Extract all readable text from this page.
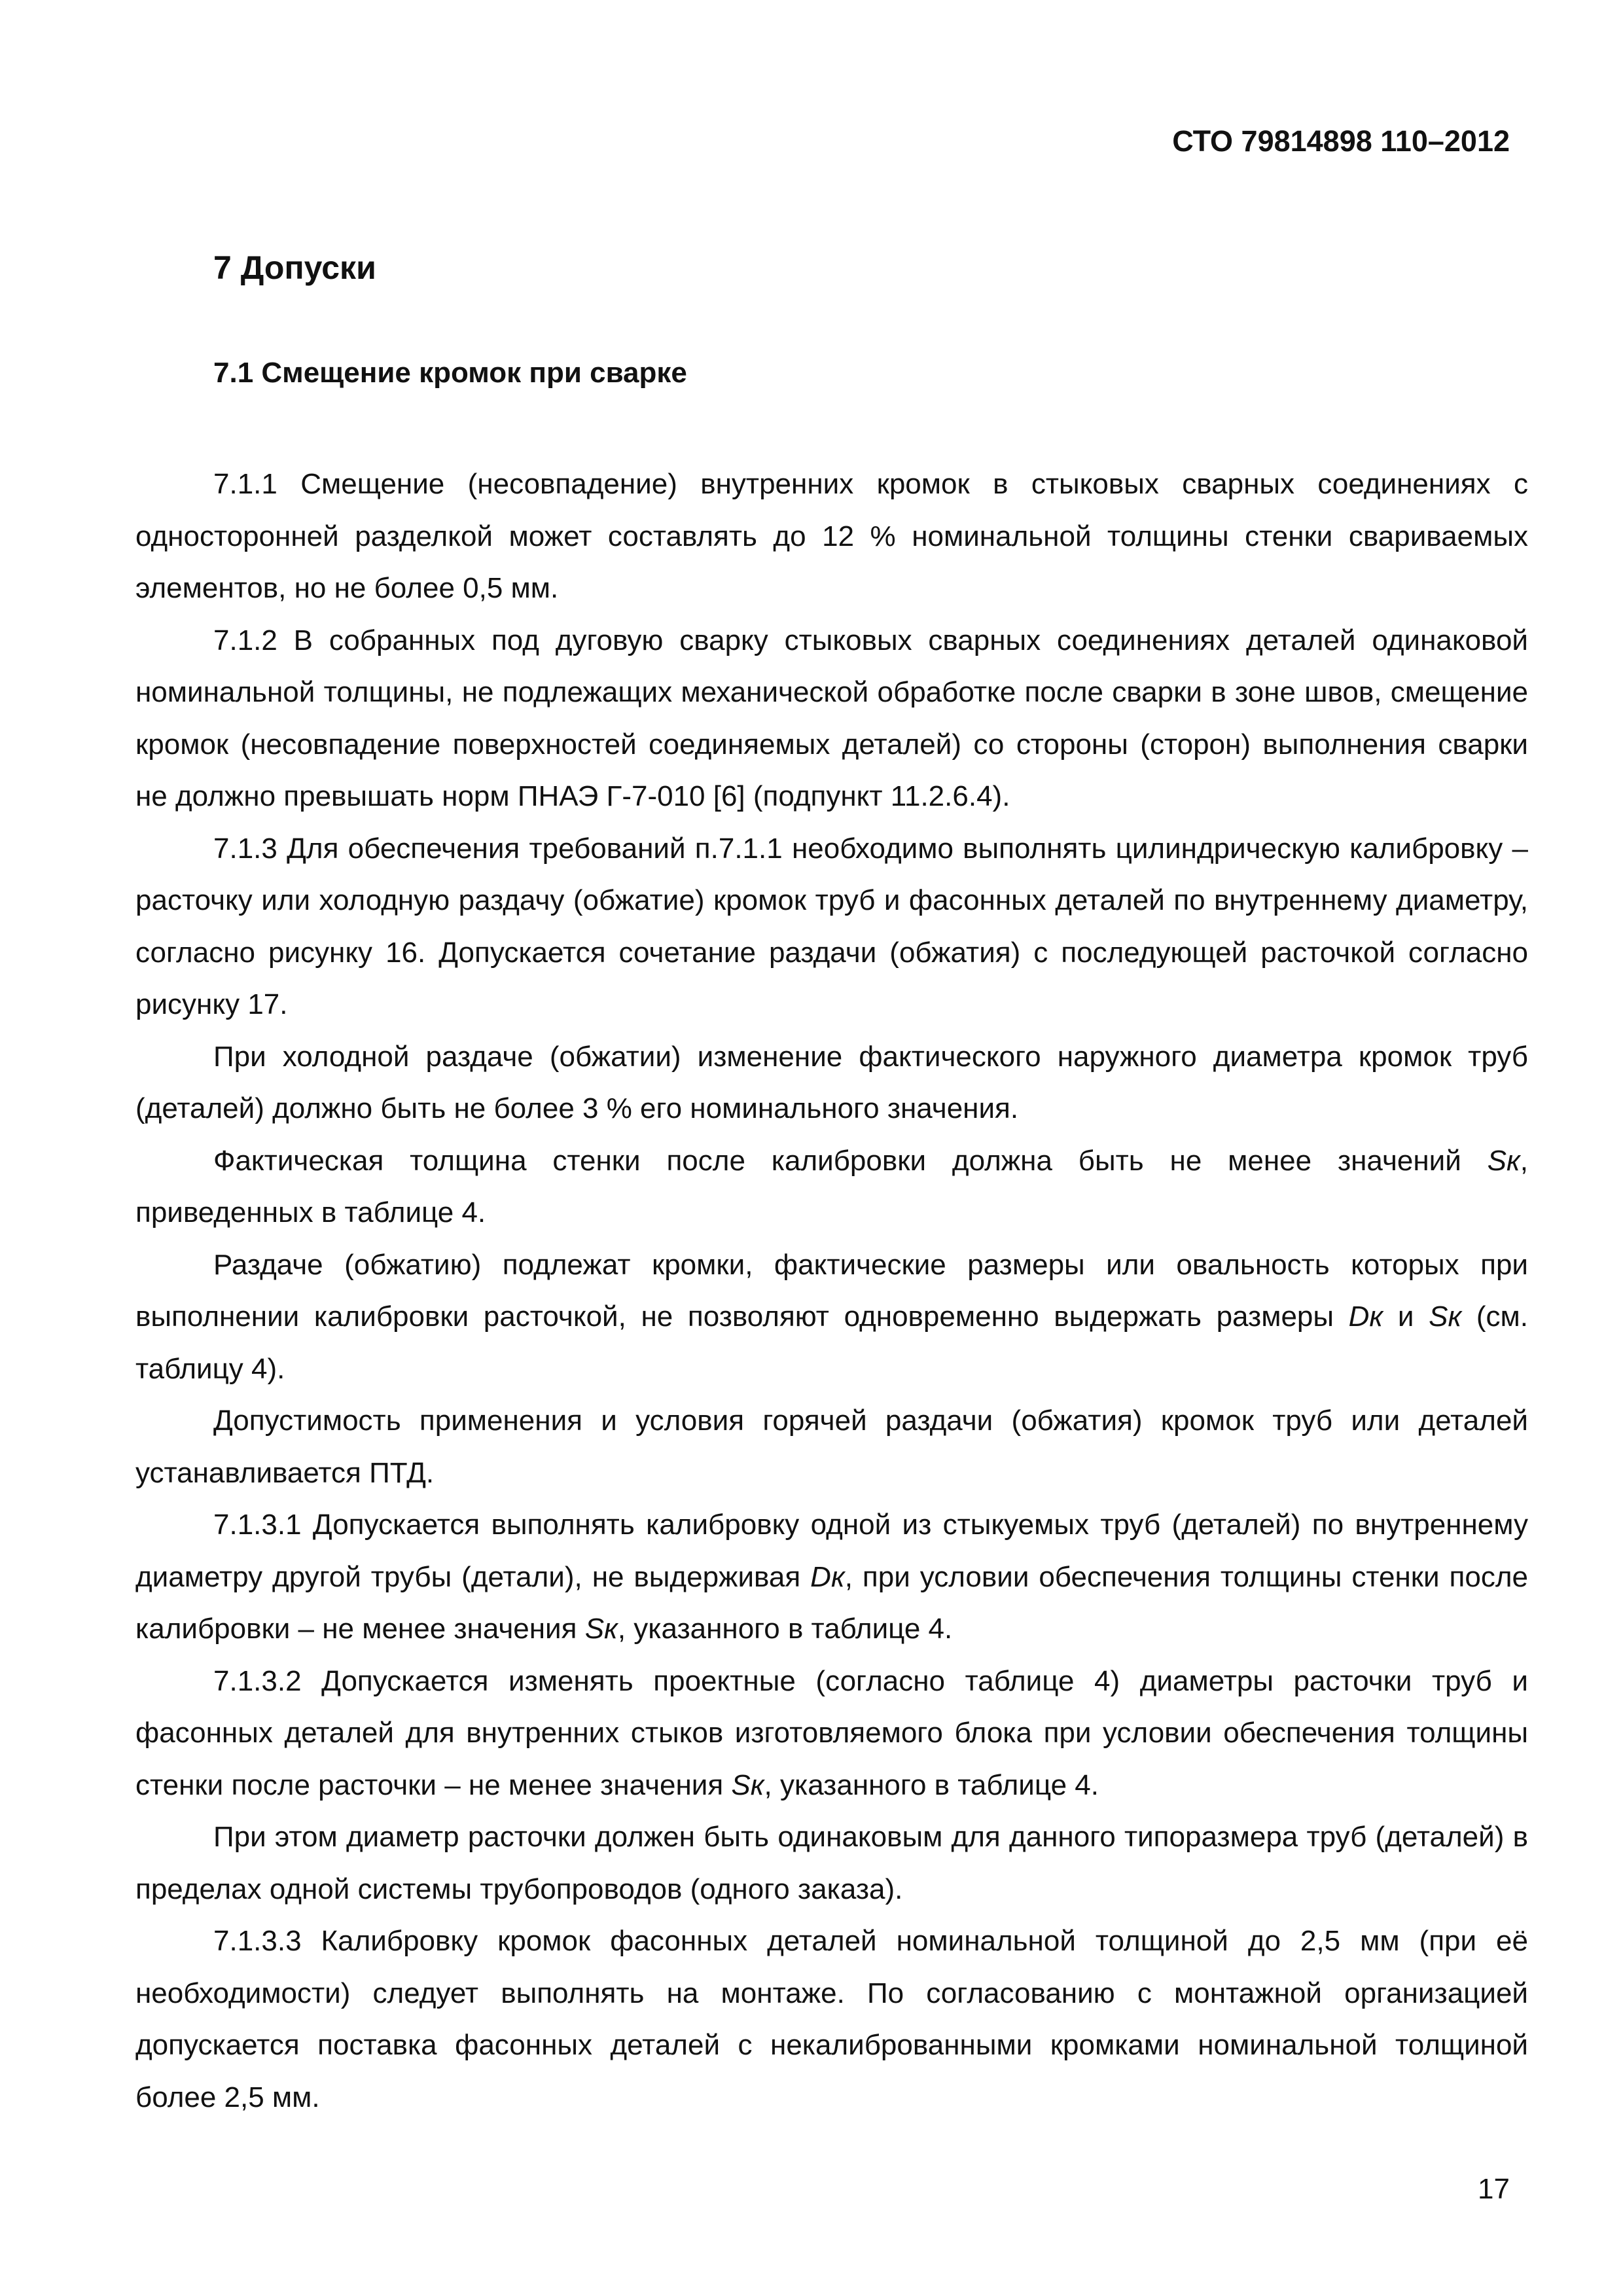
СТО 79814898 110–2012
7 Допуски
7.1 Смещение кромок при сварке

7.1.1 Смещение (несовпадение) внутренних кромок в стыковых сварных соединениях с односторонней разделкой может составлять до 12 % номинальной толщины стенки свариваемых элементов, но не более 0,5 мм.

7.1.2 В собранных под дуговую сварку стыковых сварных соединениях деталей одинаковой номинальной толщины, не подлежащих механической обработке после сварки в зоне швов, смещение кромок (несовпадение поверхностей соединяемых деталей) со стороны (сторон) выполнения сварки не должно превышать норм ПНАЭ Г-7-010 [6] (подпункт 11.2.6.4).

7.1.3 Для обеспечения требований п.7.1.1 необходимо выполнять цилиндрическую калибровку – расточку или холодную раздачу (обжатие) кромок труб и фасонных деталей по внутреннему диаметру, согласно рисунку 16. Допускается сочетание раздачи (обжатия) с последующей расточкой согласно рисунку 17.

При холодной раздаче (обжатии) изменение фактического наружного диаметра кромок труб (деталей) должно быть не более 3 % его номинального значения.

Фактическая толщина стенки после калибровки должна быть не менее значений Sк, приведенных в таблице 4.

Раздаче (обжатию) подлежат кромки, фактические размеры или овальность которых при выполнении калибровки расточкой, не позволяют одновременно выдержать размеры Dк и Sк (см. таблицу 4).

Допустимость применения и условия горячей раздачи (обжатия) кромок труб или деталей устанавливается ПТД.

7.1.3.1 Допускается выполнять калибровку одной из стыкуемых труб (деталей) по внутреннему диаметру другой трубы (детали), не выдерживая Dк, при условии обеспечения толщины стенки после калибровки – не менее значения Sк, указанного в таблице 4.

7.1.3.2 Допускается изменять проектные (согласно таблице 4) диаметры расточки труб и фасонных деталей для внутренних стыков изготовляемого блока при условии обеспечения толщины стенки после расточки – не менее значения Sк, указанного в таблице 4.

При этом диаметр расточки должен быть одинаковым для данного типоразмера труб (деталей) в пределах одной системы трубопроводов (одного заказа).

7.1.3.3 Калибровку кромок фасонных деталей номинальной толщиной до 2,5 мм (при её необходимости) следует выполнять на монтаже. По согласованию с монтажной организацией допускается поставка фасонных деталей с некалиброванными кромками номинальной толщиной более 2,5 мм.

17
